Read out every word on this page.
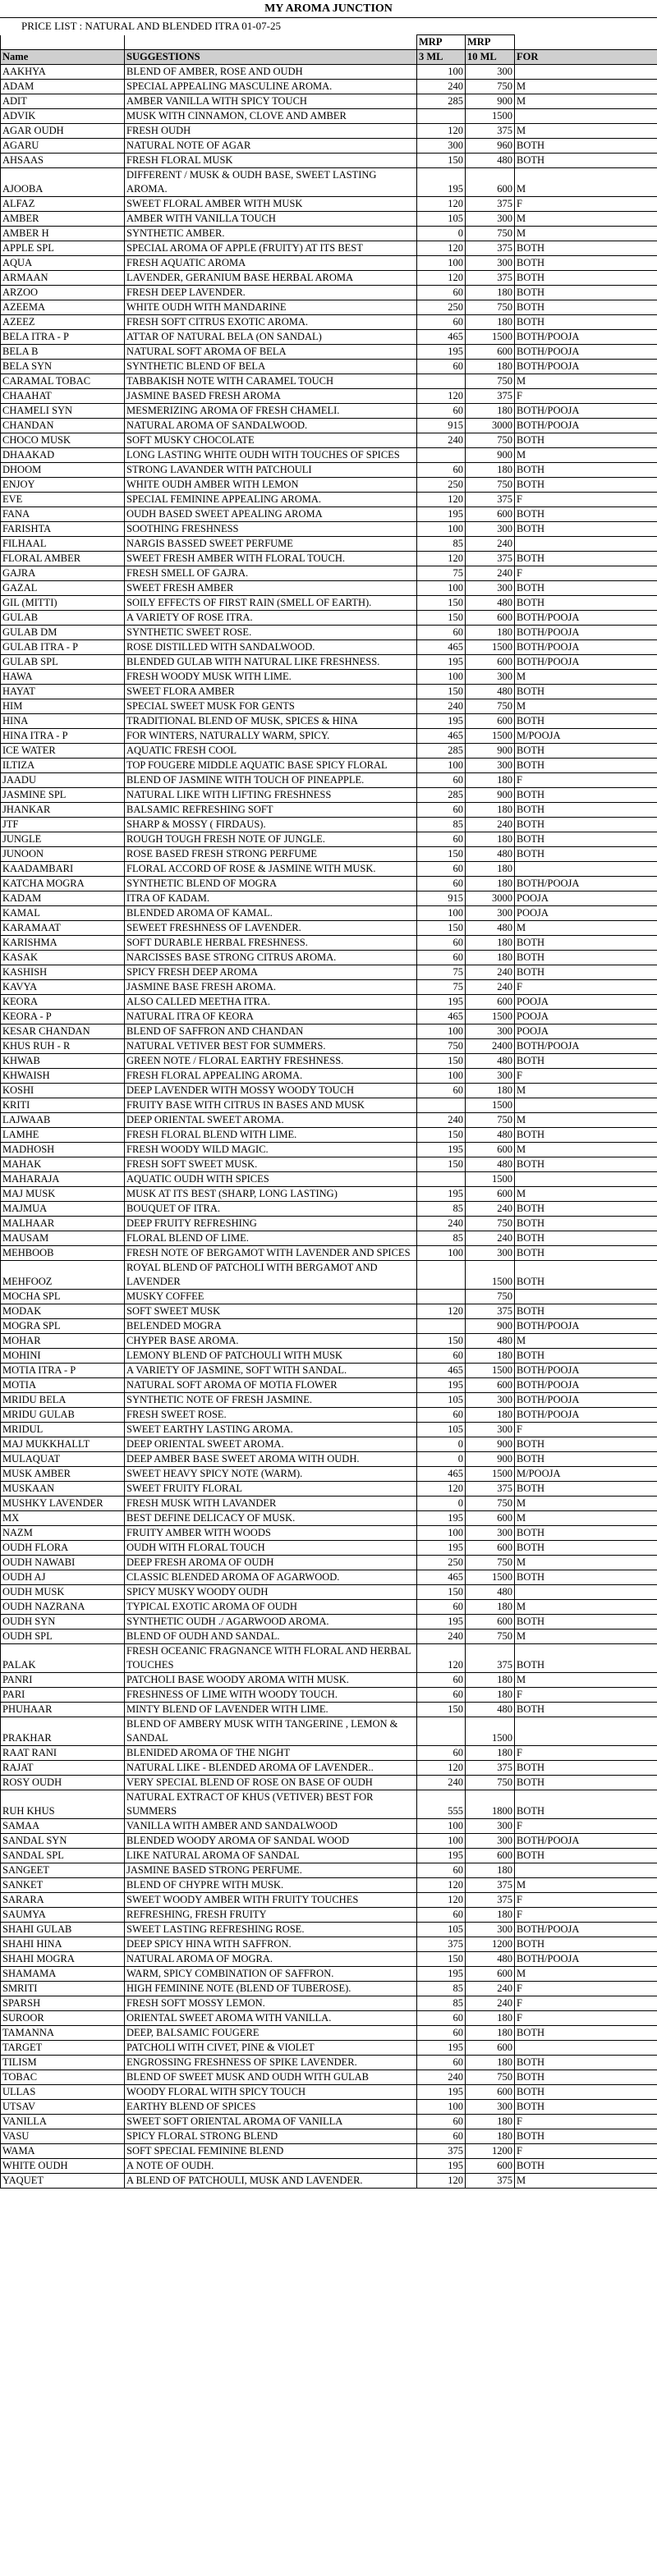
MY AROMA JUNCTION
PRICE LIST : NATURAL AND BLENDED ITRA 01-07-25
		MRP	MRP	
Name	SUGGESTIONS	3 ML	10 ML	FOR
AAKHYA	BLEND OF AMBER, ROSE AND OUDH	100	300	
ADAM	SPECIAL APPEALING MASCULINE AROMA.	240	750	M
ADIT	AMBER VANILLA WITH SPICY TOUCH	285	900	M
ADVIK	MUSK WITH CINNAMON, CLOVE AND AMBER		1500	
AGAR OUDH	FRESH OUDH	120	375	M
AGARU	NATURAL NOTE OF AGAR	300	960	BOTH
AHSAAS	FRESH FLORAL MUSK	150	480	BOTH
AJOOBA	DIFFERENT / MUSK & OUDH BASE, SWEET LASTING AROMA.	195	600	M
ALFAZ	SWEET FLORAL AMBER WITH MUSK	120	375	F
AMBER	AMBER WITH VANILLA TOUCH	105	300	M
AMBER H	SYNTHETIC AMBER.	0	750	M
APPLE SPL	SPECIAL AROMA OF APPLE (FRUITY) AT ITS BEST	120	375	BOTH
AQUA	FRESH AQUATIC AROMA	100	300	BOTH
ARMAAN	LAVENDER, GERANIUM BASE HERBAL AROMA	120	375	BOTH
ARZOO	FRESH DEEP LAVENDER.	60	180	BOTH
AZEEMA	WHITE OUDH WITH MANDARINE	250	750	BOTH
AZEEZ	FRESH SOFT CITRUS EXOTIC AROMA.	60	180	BOTH
BELA ITRA - P	ATTAR OF NATURAL BELA (ON SANDAL)	465	1500	BOTH/POOJA
BELA B	NATURAL SOFT AROMA OF BELA	195	600	BOTH/POOJA
BELA SYN	SYNTHETIC BLEND OF BELA	60	180	BOTH/POOJA
CARAMAL TOBAC	TABBAKISH NOTE WITH CARAMEL TOUCH		750	M
CHAAHAT	JASMINE BASED FRESH AROMA	120	375	F
CHAMELI SYN	MESMERIZING AROMA OF FRESH CHAMELI.	60	180	BOTH/POOJA
CHANDAN	NATURAL AROMA OF SANDALWOOD.	915	3000	BOTH/POOJA
CHOCO MUSK	SOFT MUSKY CHOCOLATE	240	750	BOTH
DHAAKAD	LONG LASTING WHITE OUDH WITH TOUCHES OF SPICES		900	M
DHOOM	STRONG LAVANDER WITH PATCHOULI	60	180	BOTH
ENJOY	WHITE OUDH AMBER WITH LEMON	250	750	BOTH
EVE	SPECIAL FEMININE APPEALING AROMA.	120	375	F
FANA	OUDH BASED SWEET APEALING AROMA	195	600	BOTH
FARISHTA	SOOTHING FRESHNESS	100	300	BOTH
FILHAAL	NARGIS BASSED SWEET PERFUME	85	240	
FLORAL AMBER	SWEET FRESH AMBER WITH FLORAL TOUCH.	120	375	BOTH
GAJRA	FRESH SMELL OF GAJRA.	75	240	F
GAZAL	SWEET FRESH AMBER	100	300	BOTH
GIL (MITTI)	SOILY EFFECTS OF FIRST RAIN (SMELL OF EARTH).	150	480	BOTH
GULAB	A VARIETY OF ROSE ITRA.	150	600	BOTH/POOJA
GULAB DM	SYNTHETIC SWEET ROSE.	60	180	BOTH/POOJA
GULAB ITRA - P	ROSE DISTILLED WITH SANDALWOOD.	465	1500	BOTH/POOJA
GULAB SPL	BLENDED GULAB WITH NATURAL LIKE FRESHNESS.	195	600	BOTH/POOJA
HAWA	FRESH WOODY MUSK WITH LIME.	100	300	M
HAYAT	SWEET FLORA AMBER	150	480	BOTH
HIM	SPECIAL SWEET MUSK FOR GENTS	240	750	M
HINA	TRADITIONAL BLEND OF MUSK, SPICES & HINA	195	600	BOTH
HINA ITRA - P	FOR WINTERS, NATURALLY WARM, SPICY.	465	1500	M/POOJA
ICE WATER	AQUATIC FRESH COOL	285	900	BOTH
ILTIZA	TOP FOUGERE MIDDLE AQUATIC BASE SPICY FLORAL	100	300	BOTH
JAADU	BLEND OF JASMINE WITH TOUCH OF PINEAPPLE.	60	180	F
JASMINE SPL	NATURAL LIKE WITH LIFTING FRESHNESS	285	900	BOTH
JHANKAR	BALSAMIC REFRESHING SOFT	60	180	BOTH
JTF	SHARP & MOSSY ( FIRDAUS).	85	240	BOTH
JUNGLE	ROUGH TOUGH FRESH NOTE OF JUNGLE.	60	180	BOTH
JUNOON	ROSE BASED FRESH STRONG PERFUME	150	480	BOTH
KAADAMBARI	FLORAL ACCORD OF ROSE & JASMINE WITH MUSK.	60	180	
KATCHA MOGRA	SYNTHETIC BLEND OF MOGRA	60	180	BOTH/POOJA
KADAM	ITRA OF KADAM.	915	3000	POOJA
KAMAL	BLENDED AROMA OF KAMAL.	100	300	POOJA
KARAMAAT	SEWEET FRESHNESS OF LAVENDER.	150	480	M
KARISHMA	SOFT DURABLE HERBAL FRESHNESS.	60	180	BOTH
KASAK	NARCISSES BASE STRONG CITRUS AROMA.	60	180	BOTH
KASHISH	SPICY FRESH DEEP AROMA	75	240	BOTH
KAVYA	JASMINE BASE FRESH AROMA.	75	240	F
KEORA	ALSO CALLED MEETHA ITRA.	195	600	POOJA
KEORA - P	NATURAL ITRA OF KEORA	465	1500	POOJA
KESAR CHANDAN	BLEND OF SAFFRON AND CHANDAN	100	300	POOJA
KHUS RUH - R	NATURAL VETIVER BEST FOR SUMMERS.	750	2400	BOTH/POOJA
KHWAB	GREEN NOTE / FLORAL EARTHY FRESHNESS.	150	480	BOTH
KHWAISH	FRESH FLORAL APPEALING AROMA.	100	300	F
KOSHI	DEEP LAVENDER WITH MOSSY WOODY TOUCH	60	180	M
KRITI	FRUITY BASE WITH CITRUS IN BASES AND MUSK		1500	
LAJWAAB	DEEP ORIENTAL SWEET AROMA.	240	750	M
LAMHE	FRESH FLORAL BLEND WITH LIME.	150	480	BOTH
MADHOSH	FRESH WOODY WILD MAGIC.	195	600	M
MAHAK	FRESH SOFT SWEET MUSK.	150	480	BOTH
MAHARAJA	AQUATIC OUDH WITH SPICES		1500	
MAJ MUSK	MUSK AT ITS BEST (SHARP, LONG LASTING)	195	600	M
MAJMUA	BOUQUET OF ITRA.	85	240	BOTH
MALHAAR	DEEP FRUITY REFRESHING	240	750	BOTH
MAUSAM	FLORAL BLEND OF LIME.	85	240	BOTH
MEHBOOB	FRESH NOTE OF BERGAMOT WITH LAVENDER AND SPICES	100	300	BOTH
MEHFOOZ	ROYAL BLEND OF PATCHOLI WITH BERGAMOT AND LAVENDER		1500	BOTH
MOCHA SPL	MUSKY COFFEE		750	
MODAK	SOFT SWEET MUSK	120	375	BOTH
MOGRA SPL	BELENDED MOGRA		900	BOTH/POOJA
MOHAR	CHYPER BASE AROMA.	150	480	M
MOHINI	LEMONY BLEND OF PATCHOULI WITH MUSK	60	180	BOTH
MOTIA ITRA - P	A VARIETY OF JASMINE, SOFT WITH SANDAL.	465	1500	BOTH/POOJA
MOTIA	NATURAL SOFT AROMA OF MOTIA FLOWER	195	600	BOTH/POOJA
MRIDU BELA	SYNTHETIC NOTE OF FRESH JASMINE.	105	300	BOTH/POOJA
MRIDU GULAB	FRESH SWEET ROSE.	60	180	BOTH/POOJA
MRIDUL	SWEET EARTHY LASTING AROMA.	105	300	F
MAJ MUKKHALLT	DEEP ORIENTAL SWEET AROMA.	0	900	BOTH
MULAQUAT	DEEP AMBER BASE SWEET AROMA WITH OUDH.	0	900	BOTH
MUSK AMBER	SWEET HEAVY SPICY NOTE (WARM).	465	1500	M/POOJA
MUSKAAN	SWEET FRUITY FLORAL	120	375	BOTH
MUSHKY LAVENDER	FRESH MUSK WITH LAVANDER	0	750	M
MX	BEST DEFINE DELICACY OF MUSK.	195	600	M
NAZM	FRUITY AMBER WITH WOODS	100	300	BOTH
OUDH FLORA	OUDH WITH FLORAL TOUCH	195	600	BOTH
OUDH NAWABI	DEEP FRESH AROMA OF OUDH	250	750	M
OUDH AJ	CLASSIC BLENDED AROMA OF AGARWOOD.	465	1500	BOTH
OUDH MUSK	SPICY MUSKY WOODY OUDH	150	480	
OUDH NAZRANA	TYPICAL EXOTIC AROMA OF OUDH	60	180	M
OUDH SYN	SYNTHETIC OUDH ./ AGARWOOD AROMA.	195	600	BOTH
OUDH SPL	BLEND OF OUDH AND SANDAL.	240	750	M
PALAK	FRESH OCEANIC FRAGNANCE WITH FLORAL AND HERBAL TOUCHES	120	375	BOTH
PANRI	PATCHOLI BASE WOODY AROMA WITH MUSK.	60	180	M
PARI	FRESHNESS OF LIME WITH WOODY TOUCH.	60	180	F
PHUHAAR	MINTY BLEND OF LAVENDER WITH LIME.	150	480	BOTH
PRAKHAR	BLEND OF AMBERY MUSK WITH TANGERINE , LEMON & SANDAL		1500	
RAAT RANI	BLENIDED AROMA OF THE NIGHT	60	180	F
RAJAT	NATURAL LIKE - BLENDED AROMA OF LAVENDER..	120	375	BOTH
ROSY OUDH	VERY SPECIAL BLEND OF ROSE ON BASE OF OUDH	240	750	BOTH
RUH KHUS	NATURAL EXTRACT OF KHUS (VETIVER) BEST FOR SUMMERS	555	1800	BOTH
SAMAA	VANILLA WITH AMBER AND SANDALWOOD	100	300	F
SANDAL SYN	BLENDED WOODY AROMA OF SANDAL WOOD	100	300	BOTH/POOJA
SANDAL SPL	LIKE NATURAL AROMA OF SANDAL	195	600	BOTH
SANGEET	JASMINE BASED STRONG PERFUME.	60	180	
SANKET	BLEND OF CHYPRE WITH MUSK.	120	375	M
SARARA	SWEET WOODY AMBER WITH FRUITY TOUCHES	120	375	F
SAUMYA	REFRESHING, FRESH FRUITY	60	180	F
SHAHI GULAB	SWEET LASTING REFRESHING ROSE.	105	300	BOTH/POOJA
SHAHI HINA	DEEP SPICY HINA WITH SAFFRON.	375	1200	BOTH
SHAHI MOGRA	NATURAL AROMA OF MOGRA.	150	480	BOTH/POOJA
SHAMAMA	WARM, SPICY COMBINATION OF SAFFRON.	195	600	M
SMRITI	HIGH FEMININE NOTE (BLEND OF TUBEROSE).	85	240	F
SPARSH	FRESH SOFT MOSSY LEMON.	85	240	F
SUROOR	ORIENTAL SWEET AROMA WITH VANILLA.	60	180	F
TAMANNA	DEEP, BALSAMIC FOUGERE	60	180	BOTH
TARGET	PATCHOLI WITH CIVET, PINE & VIOLET	195	600	
TILISM	ENGROSSING FRESHNESS OF SPIKE LAVENDER.	60	180	BOTH
TOBAC	BLEND OF SWEET MUSK AND OUDH WITH GULAB	240	750	BOTH
ULLAS	WOODY FLORAL WITH SPICY TOUCH	195	600	BOTH
UTSAV	EARTHY BLEND OF SPICES	100	300	BOTH
VANILLA	SWEET SOFT ORIENTAL AROMA OF VANILLA	60	180	F
VASU	SPICY FLORAL STRONG BLEND	60	180	BOTH
WAMA	SOFT SPECIAL FEMININE BLEND	375	1200	F
WHITE OUDH	A NOTE OF OUDH.	195	600	BOTH
YAQUET	A BLEND OF PATCHOULI, MUSK AND LAVENDER.	120	375	M
